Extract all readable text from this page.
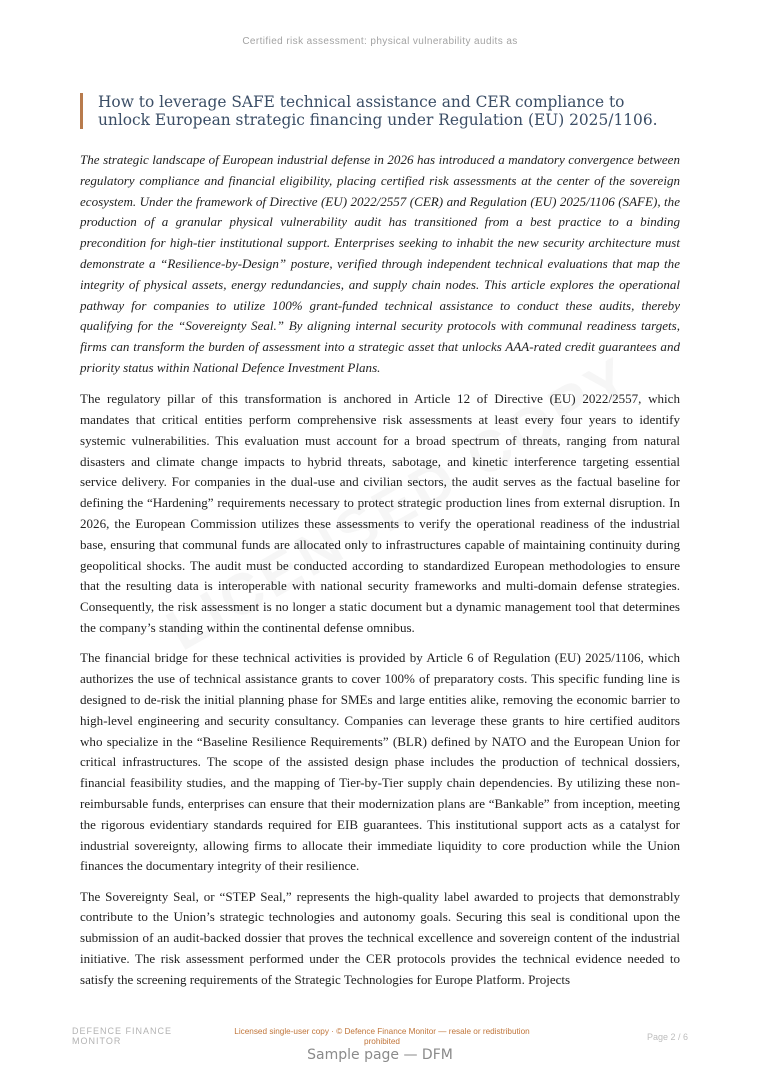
Certified risk assessment: physical vulnerability audits as
How to leverage SAFE technical assistance and CER compliance to unlock European strategic financing under Regulation (EU) 2025/1106.

The strategic landscape of European industrial defense in 2026 has introduced a mandatory convergence between regulatory compliance and financial eligibility, placing certified risk assessments at the center of the sovereign ecosystem. Under the framework of Directive (EU) 2022/2557 (CER) and Regulation (EU) 2025/1106 (SAFE), the production of a granular physical vulnerability audit has transitioned from a best practice to a binding precondition for high-tier institutional support. Enterprises seeking to inhabit the new security architecture must demonstrate a “Resilience-by-Design” posture, verified through independent technical evaluations that map the integrity of physical assets, energy redundancies, and supply chain nodes. This article explores the operational pathway for companies to utilize 100% grant-funded technical assistance to conduct these audits, thereby qualifying for the “Sovereignty Seal.” By aligning internal security protocols with communal readiness targets, firms can transform the burden of assessment into a strategic asset that unlocks AAA-rated credit guarantees and priority status within National Defence Investment Plans.

The regulatory pillar of this transformation is anchored in Article 12 of Directive (EU) 2022/2557, which mandates that critical entities perform comprehensive risk assessments at least every four years to identify systemic vulnerabilities. This evaluation must account for a broad spectrum of threats, ranging from natural disasters and climate change impacts to hybrid threats, sabotage, and kinetic interference targeting essential service delivery. For companies in the dual-use and civilian sectors, the audit serves as the factual baseline for defining the “Hardening” requirements necessary to protect strategic production lines from external disruption. In 2026, the European Commission utilizes these assessments to verify the operational readiness of the industrial base, ensuring that communal funds are allocated only to infrastructures capable of maintaining continuity during geopolitical shocks. The audit must be conducted according to standardized European methodologies to ensure that the resulting data is interoperable with national security frameworks and multi-domain defense strategies. Consequently, the risk assessment is no longer a static document but a dynamic management tool that determines the company’s standing within the continental defense omnibus.

The financial bridge for these technical activities is provided by Article 6 of Regulation (EU) 2025/1106, which authorizes the use of technical assistance grants to cover 100% of preparatory costs. This specific funding line is designed to de-risk the initial planning phase for SMEs and large entities alike, removing the economic barrier to high-level engineering and security consultancy. Companies can leverage these grants to hire certified auditors who specialize in the “Baseline Resilience Requirements” (BLR) defined by NATO and the European Union for critical infrastructures. The scope of the assisted design phase includes the production of technical dossiers, financial feasibility studies, and the mapping of Tier-by-Tier supply chain dependencies. By utilizing these non-reimbursable funds, enterprises can ensure that their modernization plans are “Bankable” from inception, meeting the rigorous evidentiary standards required for EIB guarantees. This institutional support acts as a catalyst for industrial sovereignty, allowing firms to allocate their immediate liquidity to core production while the Union finances the documentary integrity of their resilience.

The Sovereignty Seal, or “STEP Seal,” represents the high-quality label awarded to projects that demonstrably contribute to the Union’s strategic technologies and autonomy goals. Securing this seal is conditional upon the submission of an audit-backed dossier that proves the technical excellence and sovereign content of the industrial initiative. The risk assessment performed under the CER protocols provides the technical evidence needed to satisfy the screening requirements of the Strategic Technologies for Europe Platform. Projects

DEFENCE FINANCE MONITOR
Licensed single-user copy · © Defence Finance Monitor — resale or redistribution prohibited	Page 2 / 6
Sample page — DFM
